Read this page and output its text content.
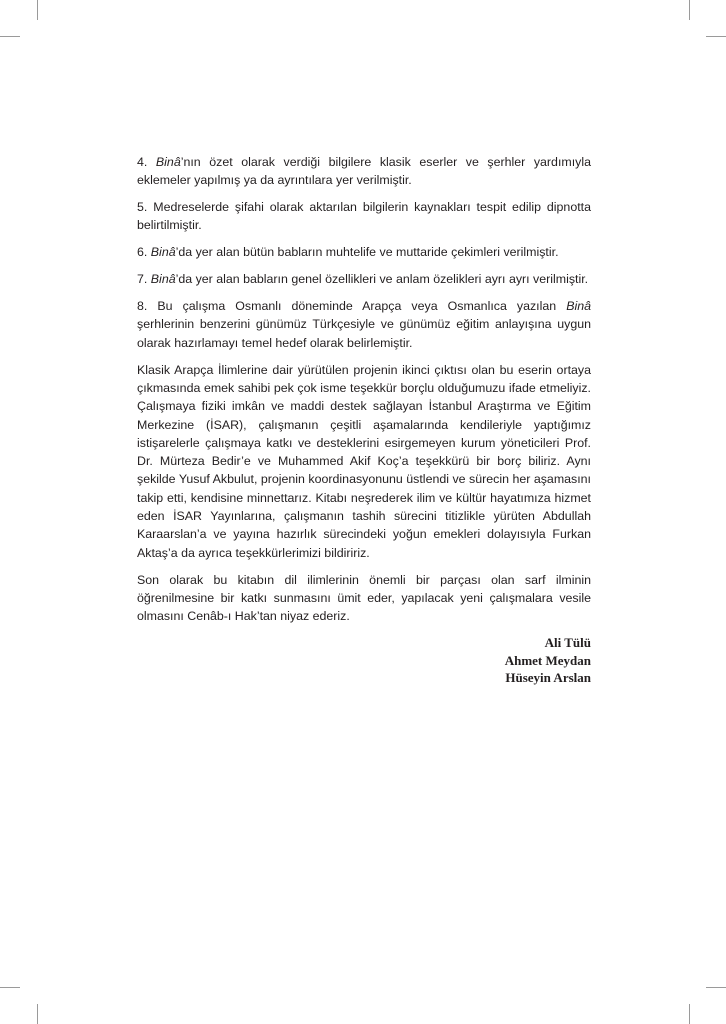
4. Binâ’nın özet olarak verdiği bilgilere klasik eserler ve şerhler yardımıyla eklemeler yapılmış ya da ayrıntılara yer verilmiştir.

5. Medreselerde şifahi olarak aktarılan bilgilerin kaynakları tespit edilip dipnotta belirtilmiştir.

6. Binâ’da yer alan bütün babların muhtelife ve muttaride çekimleri verilmiştir.

7. Binâ’da yer alan babların genel özellikleri ve anlam özelikleri ayrı ayrı verilmiştir.

8. Bu çalışma Osmanlı döneminde Arapça veya Osmanlıca yazılan Binâ şerhlerinin benzerini günümüz Türkçesiyle ve günümüz eğitim anlayışına uygun olarak hazırlamayı temel hedef olarak belirlemiştir.

Klasik Arapça İlimlerine dair yürütülen projenin ikinci çıktısı olan bu eserin ortaya çıkmasında emek sahibi pek çok isme teşekkür borçlu olduğumuzu ifade etmeliyiz. Çalışmaya fiziki imkân ve maddi destek sağlayan İstanbul Araştırma ve Eğitim Merkezine (İSAR), çalışmanın çeşitli aşamalarında kendileriyle yaptığımız istişarelerle çalışmaya katkı ve desteklerini esirgemeyen kurum yöneticileri Prof. Dr. Mürteza Bedir’e ve Muhammed Akif Koç’a teşekkürü bir borç biliriz. Aynı şekilde Yusuf Akbulut, projenin koordinasyonunu üstlendi ve sürecin her aşamasını takip etti, kendisine minnettarız. Kitabı neşrederek ilim ve kültür hayatımıza hizmet eden İSAR Yayınlarına, çalışmanın tashih sürecini titizlikle yürüten Abdullah Karaarslan’a ve yayına hazırlık sürecindeki yoğun emekleri dolayısıyla Furkan Aktaş’a da ayrıca teşekkürlerimizi bildiririz.

Son olarak bu kitabın dil ilimlerinin önemli bir parçası olan sarf ilminin öğrenilmesine bir katkı sunmasını ümit eder, yapılacak yeni çalışmalara vesile olmasını Cenâb-ı Hak’tan niyaz ederiz.

Ali Tülü
Ahmet Meydan
Hüseyin Arslan
